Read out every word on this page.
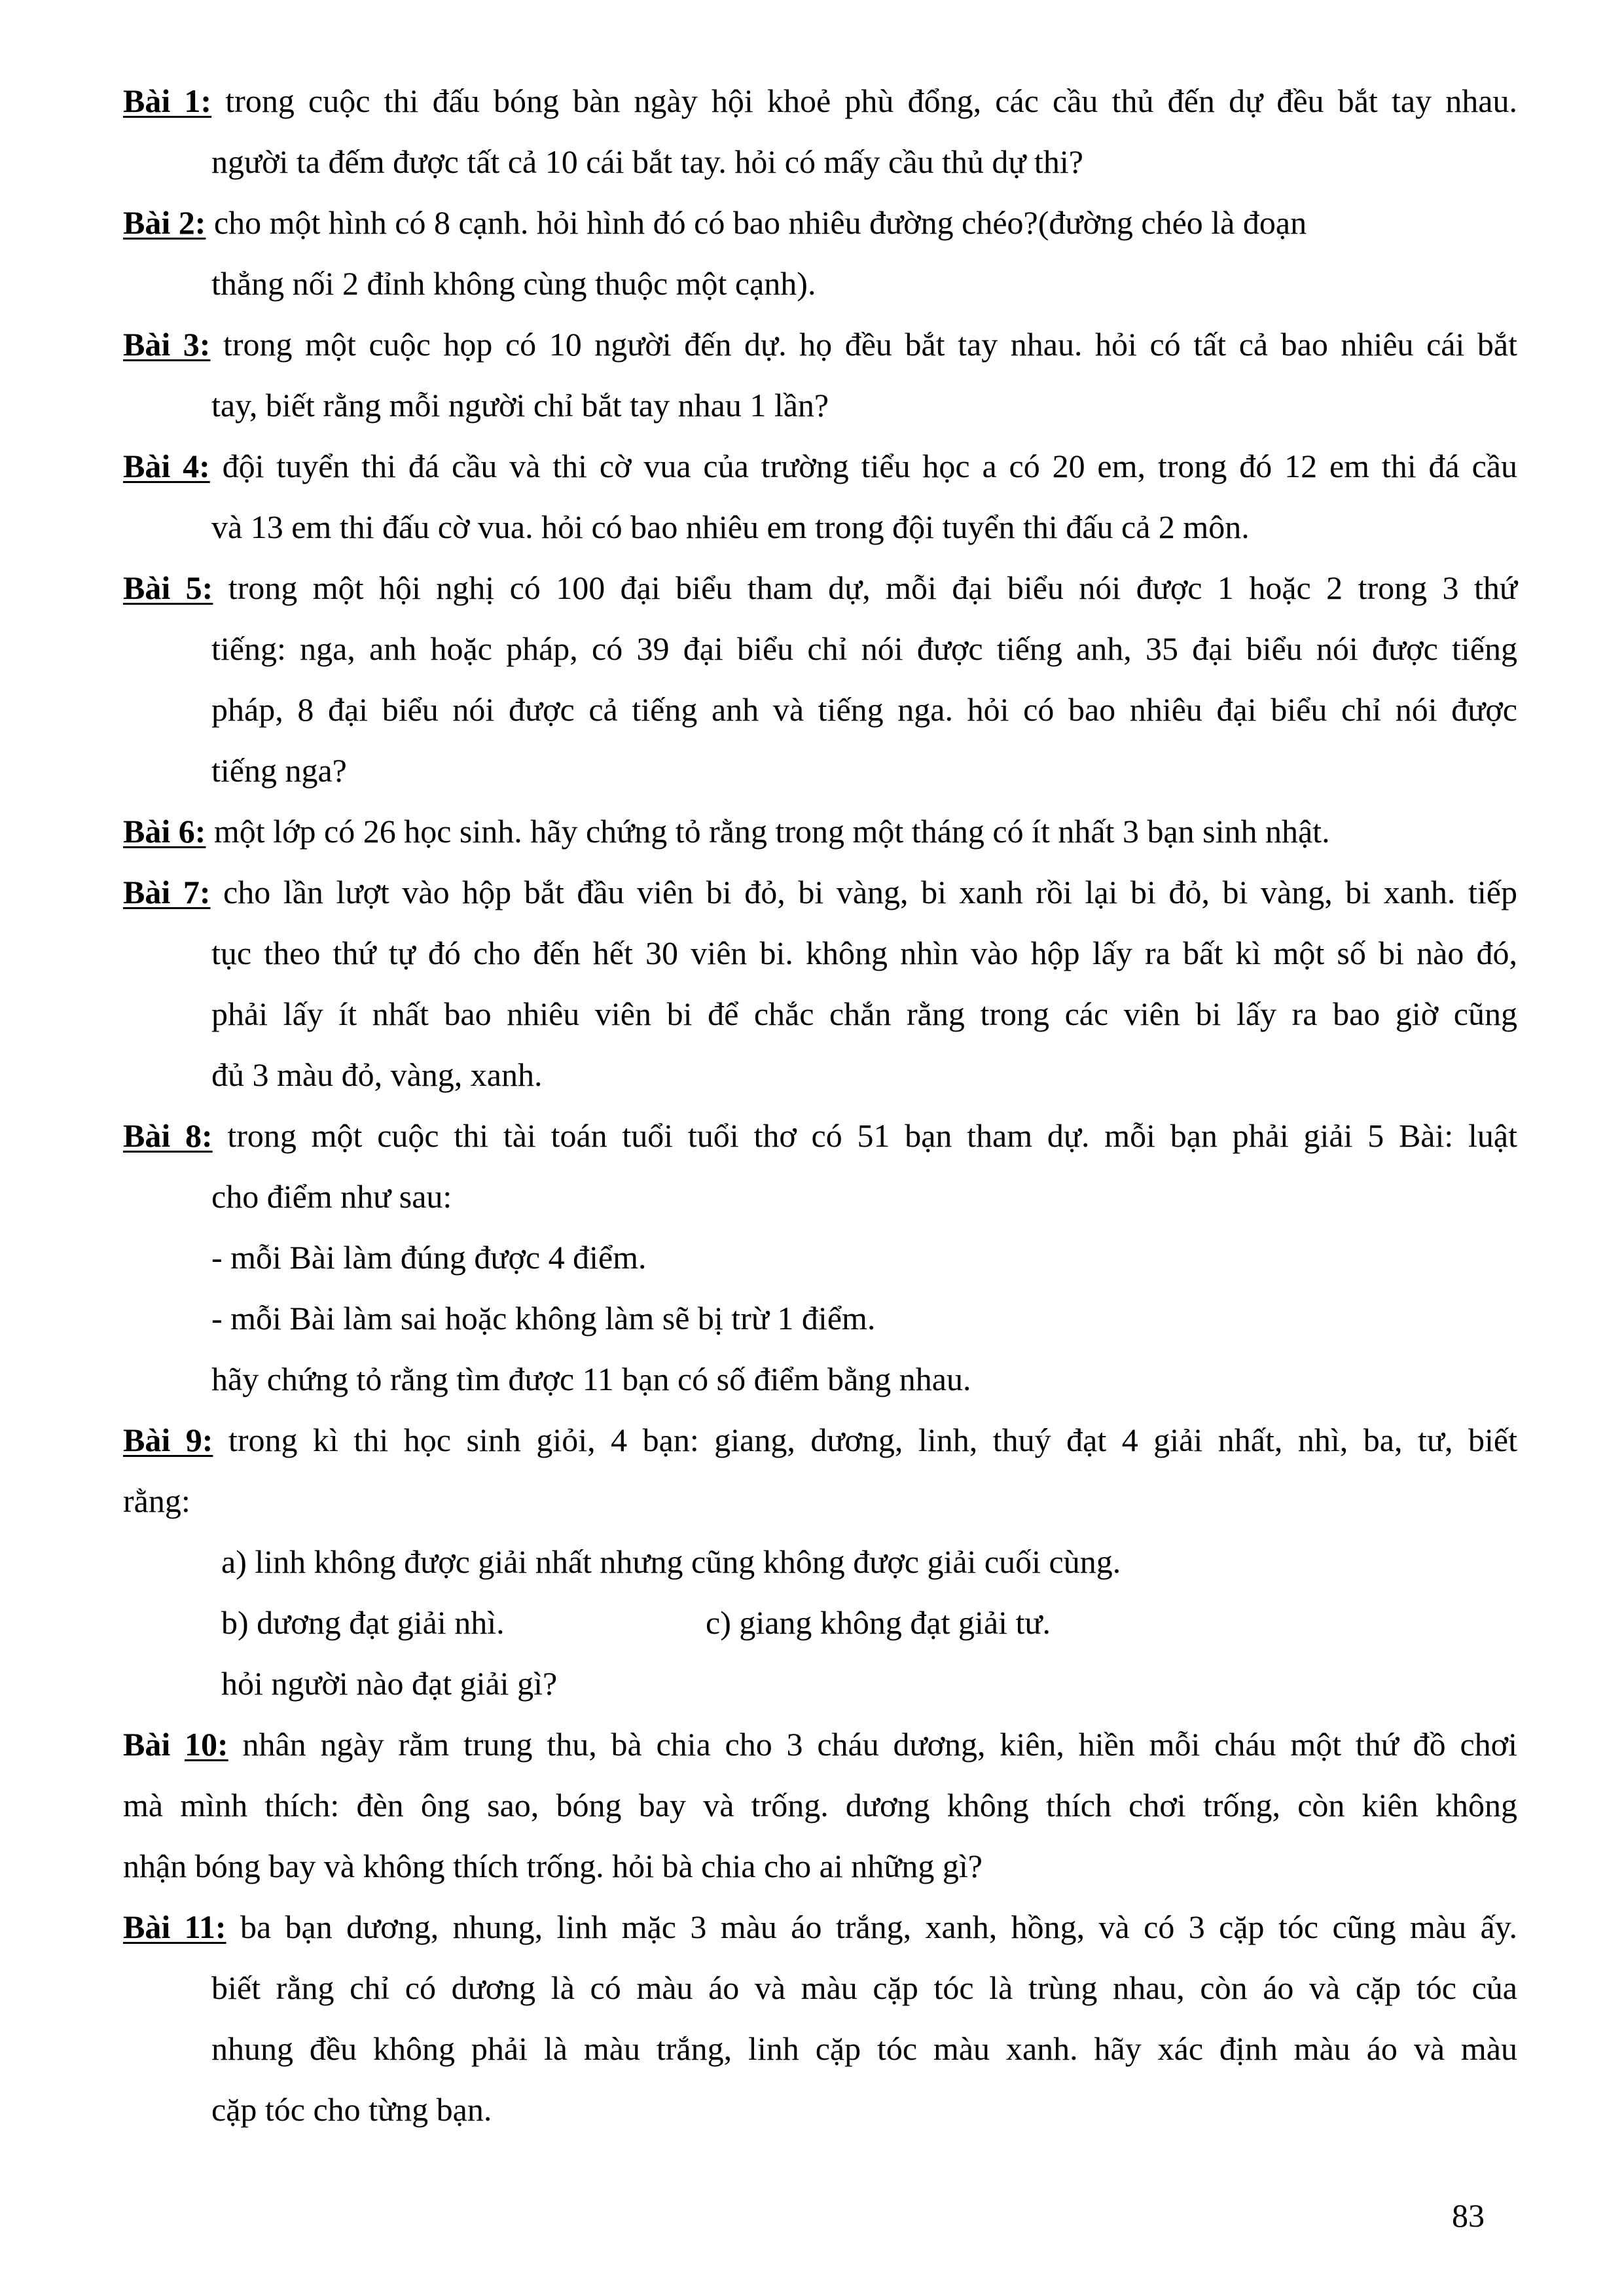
Bài 1: trong cuộc thi đấu bóng bàn ngày hội khoẻ phù đổng, các cầu thủ đến dự đều bắt tay nhau.
người ta đếm được tất cả 10 cái bắt tay. hỏi có mấy cầu thủ dự thi?
Bài 2: cho một hình có 8 cạnh. hỏi hình đó có bao nhiêu đường chéo?(đường chéo là đoạn
thẳng nối 2 đỉnh không cùng thuộc một cạnh).
Bài 3: trong một cuộc họp có 10 người đến dự. họ đều bắt tay nhau. hỏi có tất cả bao nhiêu cái bắt
tay, biết rằng mỗi người chỉ bắt tay nhau 1 lần?
Bài 4: đội tuyển thi đá cầu và thi cờ vua của trường tiểu học a có 20 em, trong đó 12 em thi đá cầu
và 13 em thi đấu cờ vua. hỏi có bao nhiêu em trong đội tuyển thi đấu cả 2 môn.
Bài 5: trong một hội nghị có 100 đại biểu tham dự, mỗi đại biểu nói được 1 hoặc 2 trong 3 thứ
tiếng: nga, anh hoặc pháp, có 39 đại biểu chỉ nói được tiếng anh, 35 đại biểu nói được tiếng
pháp, 8 đại biểu nói được cả tiếng anh và tiếng nga. hỏi có bao nhiêu đại biểu chỉ nói được
tiếng nga?
Bài 6: một lớp có 26 học sinh. hãy chứng tỏ rằng trong một tháng có ít nhất 3 bạn sinh nhật.
Bài 7: cho lần lượt vào hộp bắt đầu viên bi đỏ, bi vàng, bi xanh rồi lại bi đỏ, bi vàng, bi xanh. tiếp
tục theo thứ tự đó cho đến hết 30 viên bi. không nhìn vào hộp lấy ra bất kì một số bi nào đó,
phải lấy ít nhất bao nhiêu viên bi để chắc chắn rằng trong các viên bi lấy ra bao giờ cũng
đủ 3 màu đỏ, vàng, xanh.
Bài 8: trong một cuộc thi tài toán tuổi tuổi thơ có 51 bạn tham dự. mỗi bạn phải giải 5 Bài: luật
cho điểm như sau:
- mỗi Bài làm đúng được 4 điểm.
- mỗi Bài làm sai hoặc không làm sẽ bị trừ 1 điểm.
hãy chứng tỏ rằng tìm được 11 bạn có số điểm bằng nhau.
Bài 9: trong kì thi học sinh giỏi, 4 bạn: giang, dương, linh, thuý đạt 4 giải nhất, nhì, ba, tư, biết
rằng:
a) linh không được giải nhất nhưng cũng không được giải cuối cùng.
b) dương đạt giải nhì.	c) giang không đạt giải tư.
hỏi người nào đạt giải gì?
Bài 10: nhân ngày rằm trung thu, bà chia cho 3 cháu dương, kiên, hiền mỗi cháu một thứ đồ chơi
mà mình thích: đèn ông sao, bóng bay và trống. dương không thích chơi trống, còn kiên không
nhận bóng bay và không thích trống. hỏi bà chia cho ai những gì?
Bài 11: ba bạn dương, nhung, linh mặc 3 màu áo trắng, xanh, hồng, và có 3 cặp tóc cũng màu ấy.
biết rằng chỉ có dương là có màu áo và màu cặp tóc là trùng nhau, còn áo và cặp tóc của
nhung đều không phải là màu trắng, linh cặp tóc màu xanh. hãy xác định màu áo và màu
cặp tóc cho từng bạn.
83
